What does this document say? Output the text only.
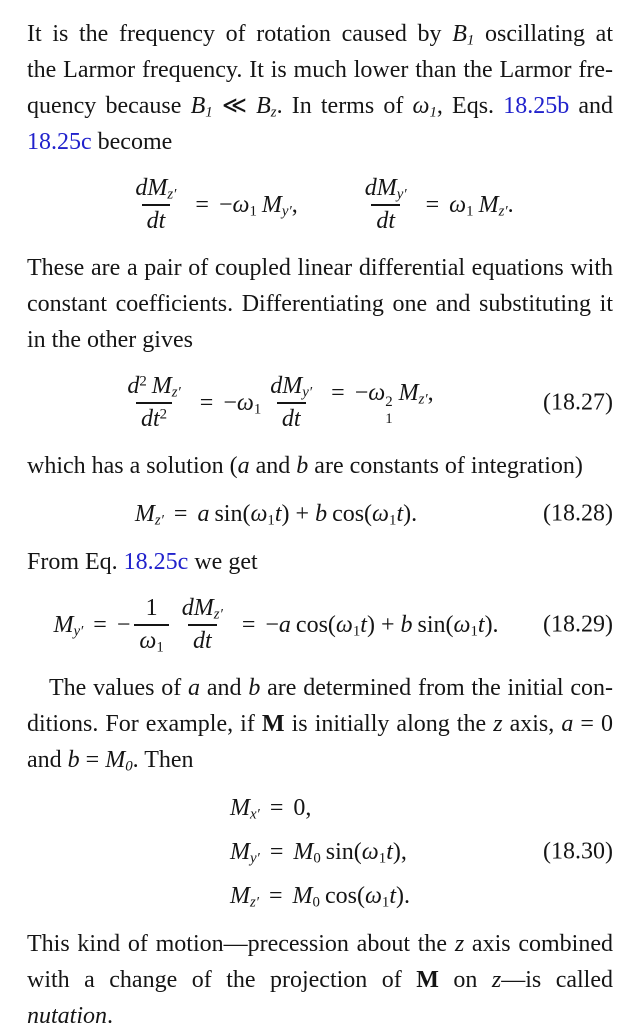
It is the frequency of rotation caused by $B_1$ oscillating at
the Larmor frequency. It is much lower than the Larmor fre-
quency because $B_1$ ≪ $B_z$. In terms of $\omega_1$, Eqs. 18.25b and
18.25c become
$\frac{dM_{z'}}{dt} = -\omega_1$ $M_{y'}$,	$\frac{dM_{y'}}{dt} = \omega_1$ $M_{z'}$.
These are a pair of coupled linear differential equations with
constant coefficients. Differentiating one and substituting it
in the other gives
$\frac{d^2 M_{z'}}{dt^2} = -\omega_1 \frac{dM_{y'}}{dt} = -\omega$ 2
1
$M_{z'}$,	(18.27)
which has a solution (a and b are constants of integration)
$M_{z'} = a$ $\sin(\omega_1t) + b$ $\cos(\omega_1t)$.	(18.28)
From Eq. 18.25c we get
$M_{y'}$ = − $\frac{1}{\omega_1} \frac{dM_{z'}}{dt} = -a$ $\cos(\omega_1t) + b$ $\sin(\omega_1t)$. (18.29)
The values of a and b are determined from the initial con-
ditions. For example, if M is initially along the z axis, a = 0
and $b = M_0$. Then
$M_{x'} = 0$,
$M_{y'} = M_0$ $\sin(\omega_1t)$,
$M_{z'} = M_0$ $\cos(\omega_1t)$.
(18.30)
This kind of motion—precession about the z axis combined
with a change of the projection of M on z—is called nutation.
